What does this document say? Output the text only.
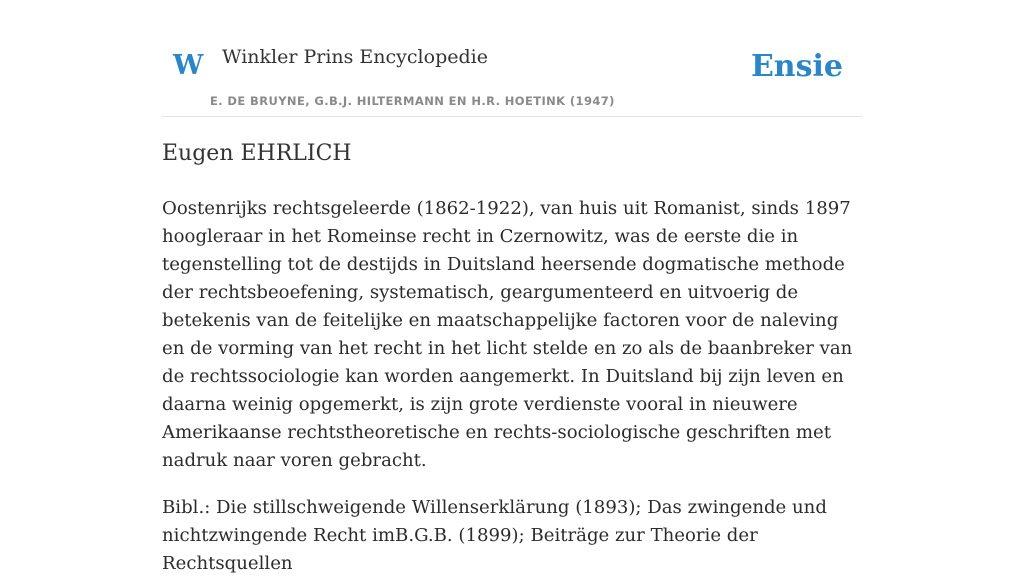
W Winkler Prins Encyclopedie
E. DE BRUYNE, G.B.J. HILTERMANN EN H.R. HOETINK (1947)
Ensie
Eugen EHRLICH

Oostenrijks rechtsgeleerde (1862-1922), van huis uit Romanist, sinds 1897 hoogleraar in het Romeinse recht in Czernowitz, was de eerste die in tegenstelling tot de destijds in Duitsland heersende dogmatische methode der rechtsbeoefening, systematisch, geargumenteerd en uitvoerig de betekenis van de feitelijke en maatschappelijke factoren voor de naleving en de vorming van het recht in het licht stelde en zo als de baanbreker van de rechtssociologie kan worden aangemerkt. In Duitsland bij zijn leven en daarna weinig opgemerkt, is zijn grote verdienste vooral in nieuwere Amerikaanse rechtstheoretische en rechts-sociologische geschriften met nadruk naar voren gebracht.

Bibl.: Die stillschweigende Willenserklärung (1893); Das zwingende und nichtzwingende Recht imB.G.B. (1899); Beiträge zur Theorie der Rechtsquellen
